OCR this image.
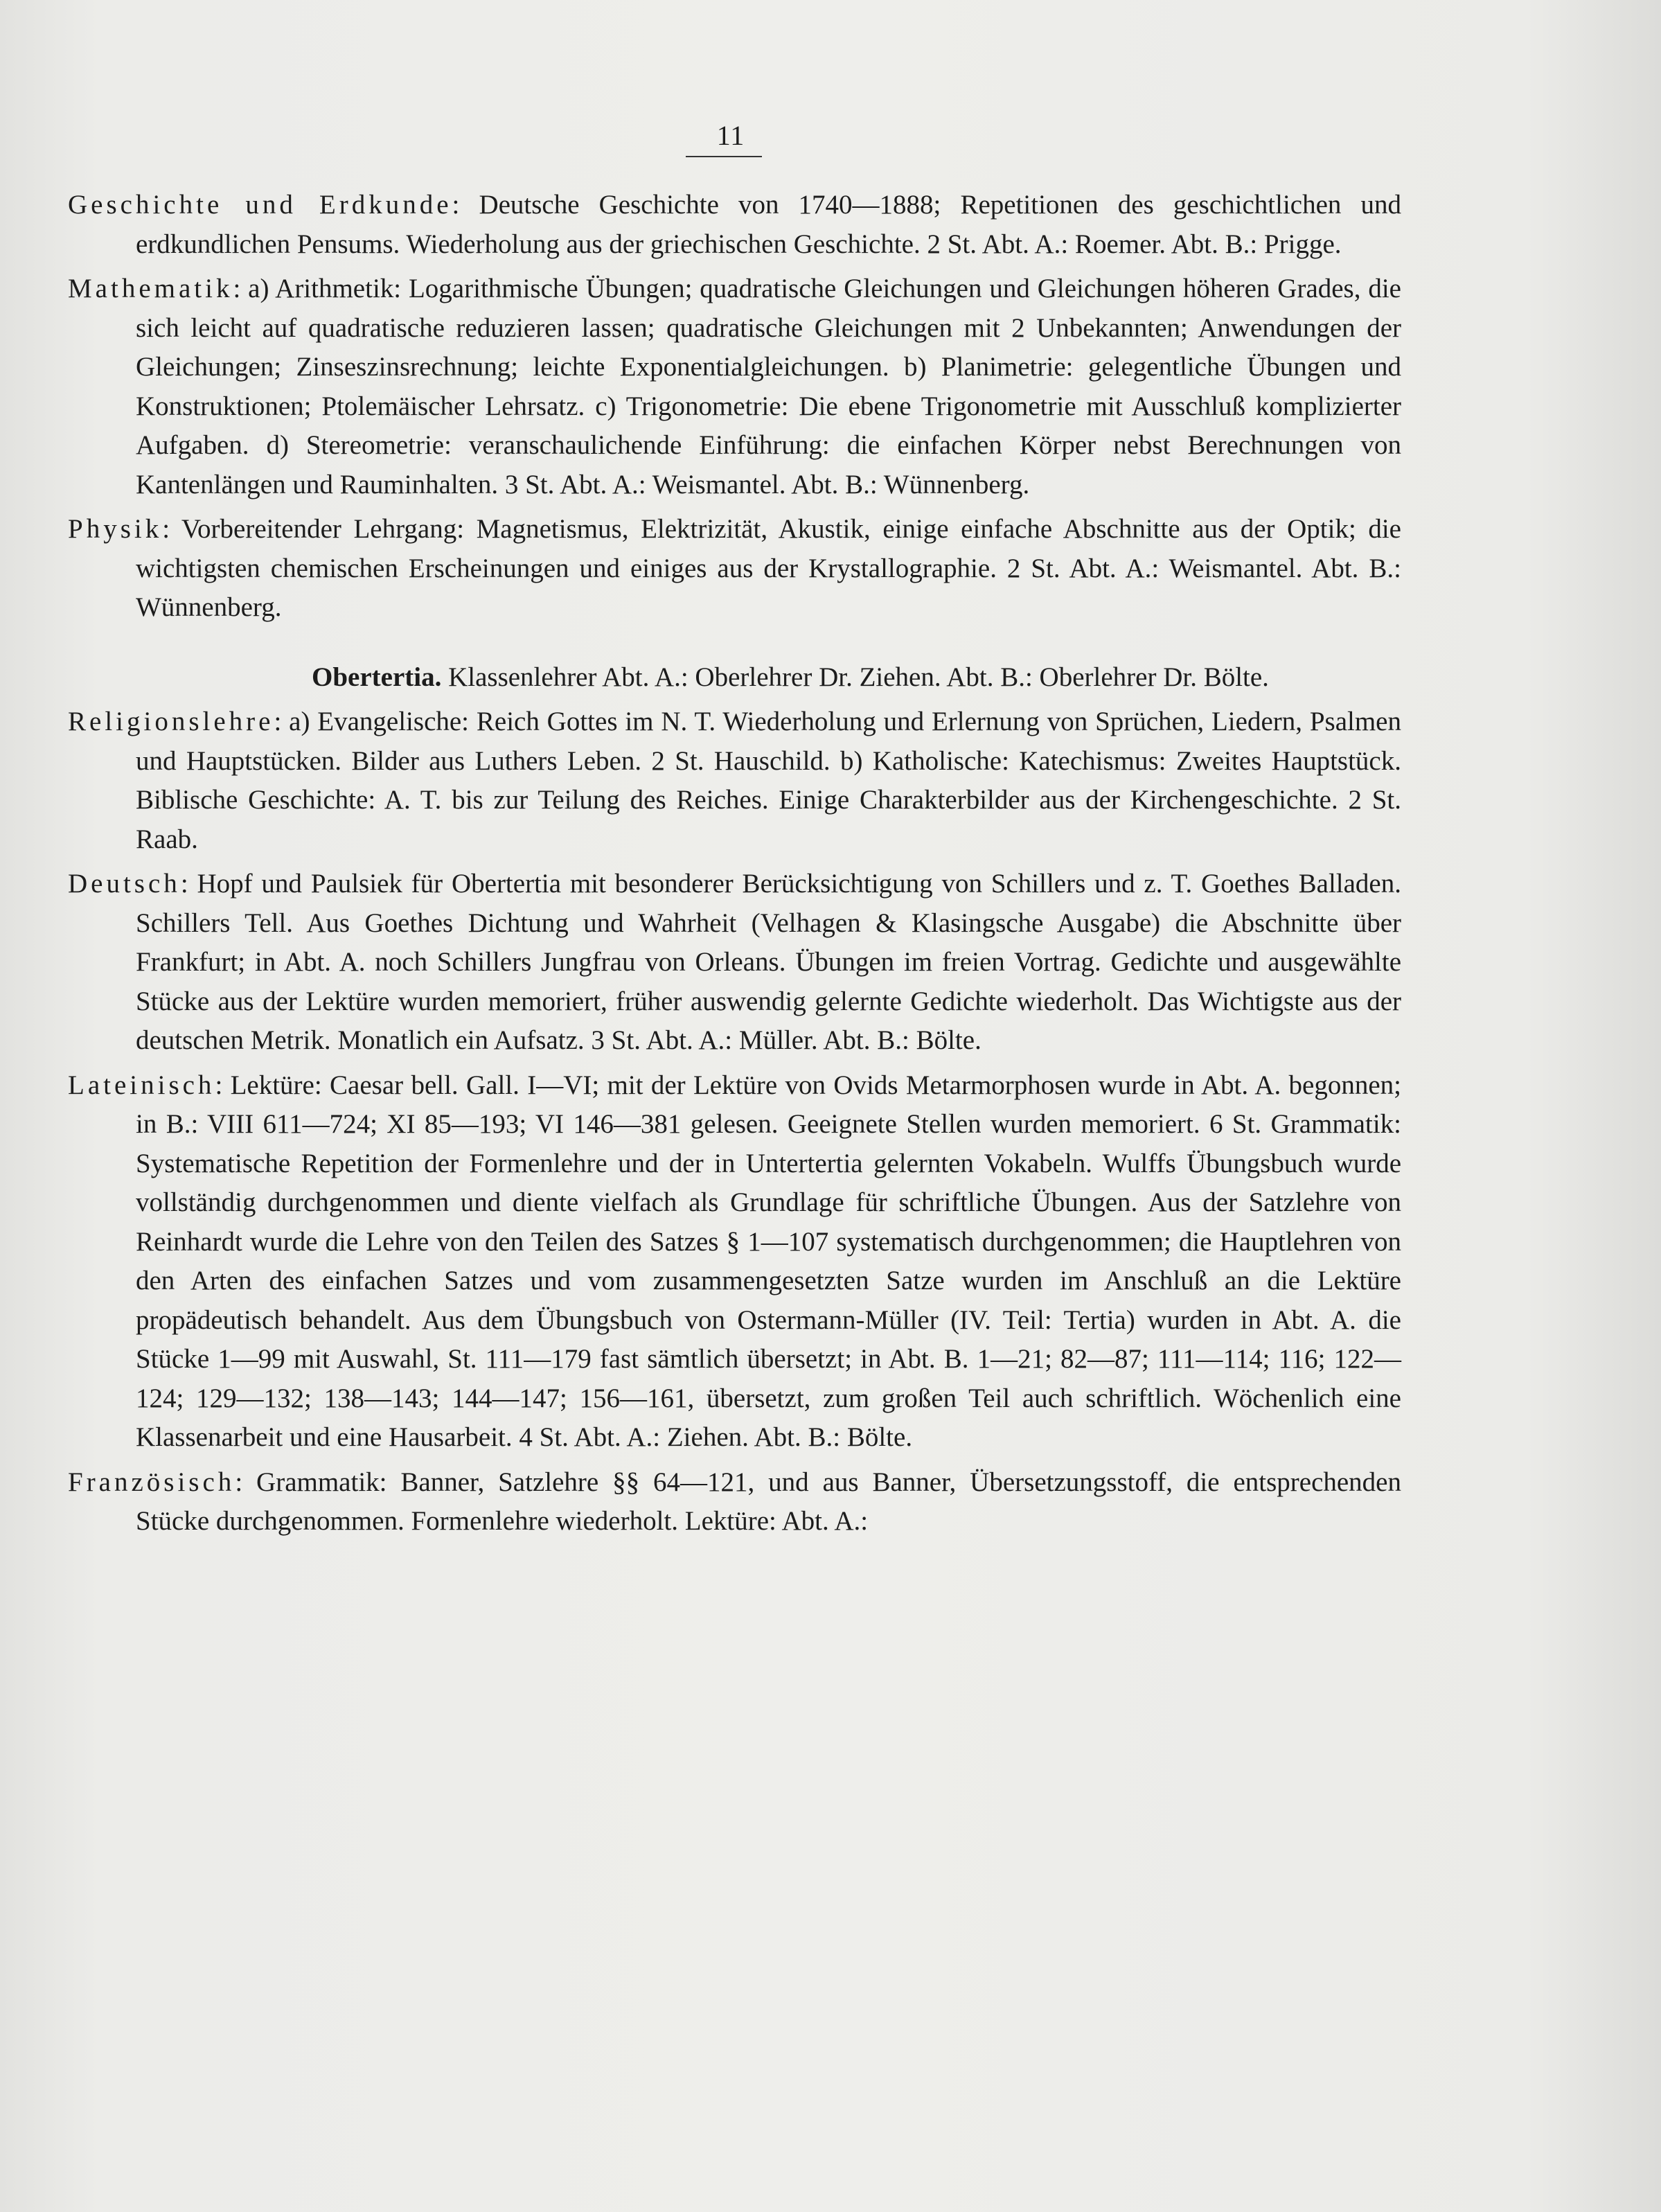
11

Geschichte und Erdkunde: Deutsche Geschichte von 1740—1888; Repetitionen des geschichtlichen und erdkundlichen Pensums. Wiederholung aus der griechischen Geschichte. 2 St. Abt. A.: Roemer. Abt. B.: Prigge.

Mathematik: a) Arithmetik: Logarithmische Übungen; quadratische Gleichungen und Gleichungen höheren Grades, die sich leicht auf quadratische reduzieren lassen; quadratische Gleichungen mit 2 Unbekannten; Anwendungen der Gleichungen; Zinseszinsrechnung; leichte Exponentialgleichungen. b) Planimetrie: gelegentliche Übungen und Konstruktionen; Ptolemäischer Lehrsatz. c) Trigonometrie: Die ebene Trigonometrie mit Ausschluß komplizierter Aufgaben. d) Stereometrie: veranschaulichende Einführung: die einfachen Körper nebst Berechnungen von Kantenlängen und Rauminhalten. 3 St. Abt. A.: Weismantel. Abt. B.: Wünnenberg.

Physik: Vorbereitender Lehrgang: Magnetismus, Elektrizität, Akustik, einige einfache Abschnitte aus der Optik; die wichtigsten chemischen Erscheinungen und einiges aus der Krystallographie. 2 St. Abt. A.: Weismantel. Abt. B.: Wünnenberg.

Obertertia. Klassenlehrer Abt. A.: Oberlehrer Dr. Ziehen. Abt. B.: Oberlehrer Dr. Bölte.

Religionslehre: a) Evangelische: Reich Gottes im N. T. Wiederholung und Erlernung von Sprüchen, Liedern, Psalmen und Hauptstücken. Bilder aus Luthers Leben. 2 St. Hauschild. b) Katholische: Katechismus: Zweites Hauptstück. Biblische Geschichte: A. T. bis zur Teilung des Reiches. Einige Charakterbilder aus der Kirchengeschichte. 2 St. Raab.

Deutsch: Hopf und Paulsiek für Obertertia mit besonderer Berücksichtigung von Schillers und z. T. Goethes Balladen. Schillers Tell. Aus Goethes Dichtung und Wahrheit (Velhagen & Klasingsche Ausgabe) die Abschnitte über Frankfurt; in Abt. A. noch Schillers Jungfrau von Orleans. Übungen im freien Vortrag. Gedichte und ausgewählte Stücke aus der Lektüre wurden memoriert, früher auswendig gelernte Gedichte wiederholt. Das Wichtigste aus der deutschen Metrik. Monatlich ein Aufsatz. 3 St. Abt. A.: Müller. Abt. B.: Bölte.

Lateinisch: Lektüre: Caesar bell. Gall. I—VI; mit der Lektüre von Ovids Metarmorphosen wurde in Abt. A. begonnen; in B.: VIII 611—724; XI 85—193; VI 146—381 gelesen. Geeignete Stellen wurden memoriert. 6 St. Grammatik: Systematische Repetition der Formenlehre und der in Untertertia gelernten Vokabeln. Wulffs Übungsbuch wurde vollständig durchgenommen und diente vielfach als Grundlage für schriftliche Übungen. Aus der Satzlehre von Reinhardt wurde die Lehre von den Teilen des Satzes § 1—107 systematisch durchgenommen; die Hauptlehren von den Arten des einfachen Satzes und vom zusammengesetzten Satze wurden im Anschluß an die Lektüre propädeutisch behandelt. Aus dem Übungsbuch von Ostermann-Müller (IV. Teil: Tertia) wurden in Abt. A. die Stücke 1—99 mit Auswahl, St. 111—179 fast sämtlich übersetzt; in Abt. B. 1—21; 82—87; 111—114; 116; 122—124; 129—132; 138—143; 144—147; 156—161, übersetzt, zum großen Teil auch schriftlich. Wöchenlich eine Klassenarbeit und eine Hausarbeit. 4 St. Abt. A.: Ziehen. Abt. B.: Bölte.

Französisch: Grammatik: Banner, Satzlehre §§ 64—121, und aus Banner, Übersetzungsstoff, die entsprechenden Stücke durchgenommen. Formenlehre wiederholt. Lektüre: Abt. A.:
